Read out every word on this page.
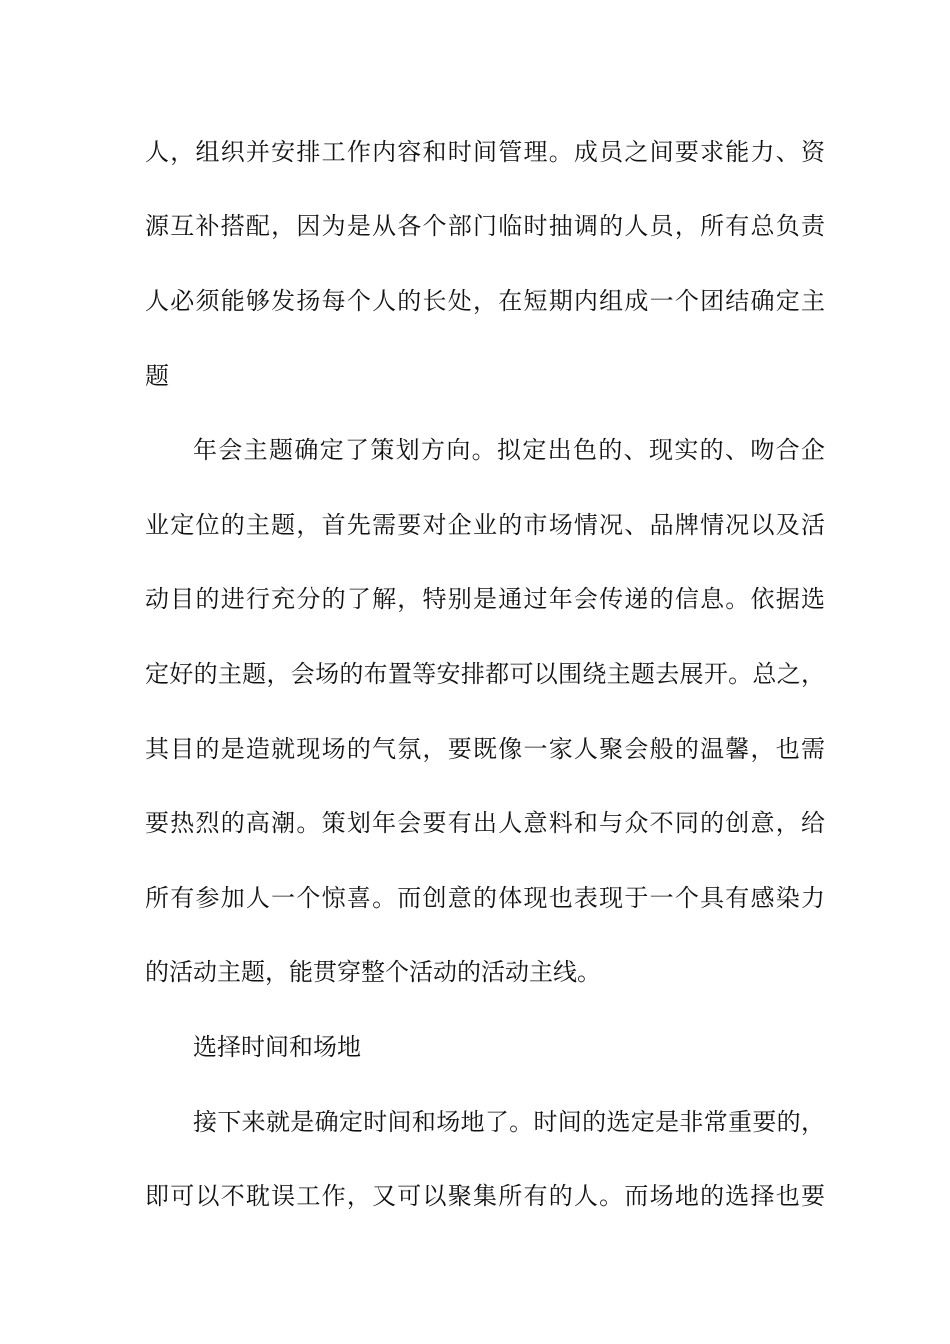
人，组织并安排工作内容和时间管理。成员之间要求能力、资
源互补搭配，因为是从各个部门临时抽调的人员，所有总负责
人必须能够发扬每个人的长处，在短期内组成一个团结确定主
题
年会主题确定了策划方向。拟定出色的、现实的、吻合企
业定位的主题，首先需要对企业的市场情况、品牌情况以及活
动目的进行充分的了解，特别是通过年会传递的信息。依据选
定好的主题，会场的布置等安排都可以围绕主题去展开。总之，
其目的是造就现场的气氛，要既像一家人聚会般的温馨，也需
要热烈的高潮。策划年会要有出人意料和与众不同的创意，给
所有参加人一个惊喜。而创意的体现也表现于一个具有感染力
的活动主题，能贯穿整个活动的活动主线。
选择时间和场地
接下来就是确定时间和场地了。时间的选定是非常重要的，
即可以不耽误工作，又可以聚集所有的人。而场地的选择也要
